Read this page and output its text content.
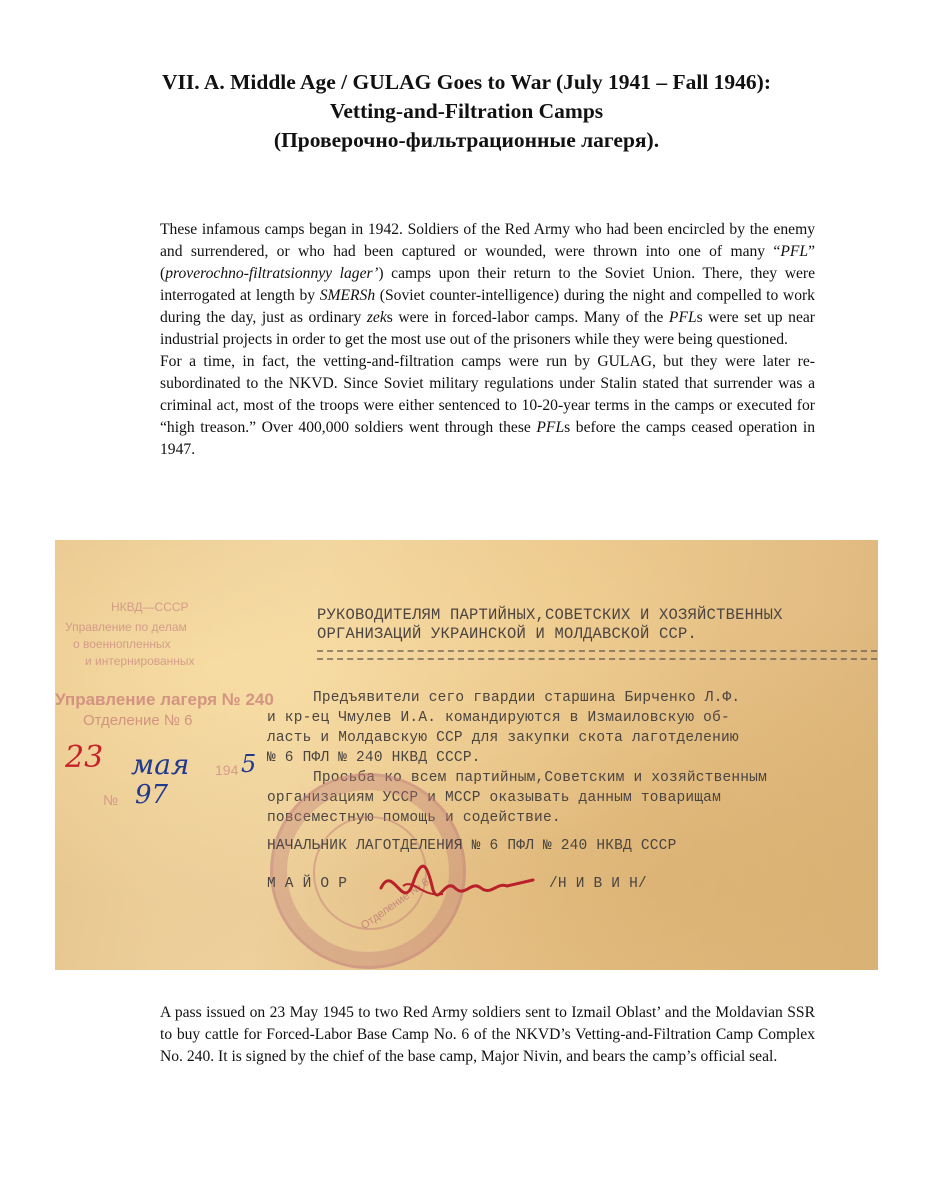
VII. A. Middle Age / GULAG Goes to War (July 1941 – Fall 1946):
Vetting-and-Filtration Camps
(Проверочно-фильтрационные лагеря).

These infamous camps began in 1942. Soldiers of the Red Army who had been encircled by the enemy and surrendered, or who had been captured or wounded, were thrown into one of many “PFL” (proverochno-filtratsionnyy lager’) camps upon their return to the Soviet Union. There, they were interrogated at length by SMERSh (Soviet counter-intelligence) during the night and compelled to work during the day, just as ordinary zeks were in forced-labor camps. Many of the PFLs were set up near industrial projects in order to get the most use out of the prisoners while they were being questioned.

For a time, in fact, the vetting-and-filtration camps were run by GULAG, but they were later re-subordinated to the NKVD. Since Soviet military regulations under Stalin stated that surrender was a criminal act, most of the troops were either sentenced to 10-20-year terms in the camps or executed for “high treason.” Over 400,000 soldiers went through these PFLs before the camps ceased operation in 1947.

НКВД—СССР
Управление по делам
о военнопленных
и интернированных
Управление лагеря № 240
Отделение № 6
23 мая 194 5
№ 97
РУКОВОДИТЕЛЯМ ПАРТИЙНЫХ,СОВЕТСКИХ И ХОЗЯЙСТВЕННЫХ
ОРГАНИЗАЦИЙ УКРАИНСКОЙ И МОЛДАВСКОЙ ССР.
Предъявители сего гвардии старшина Бирченко Л.Ф.
и кр-ец Чмулев И.А. командируются в Измаиловскую об-
ласть и Молдавскую ССР для закупки скота лаготделению
№ 6 ПФЛ № 240 НКВД СССР.
Просьба ко всем партийным,Советским и хозяйственным
организациям УССР и МССР оказывать данным товарищам
повсеместную помощь и содействие.
Отделение № 6
НАЧАЛЬНИК ЛАГОТДЕЛЕНИЯ № 6 ПФЛ № 240 НКВД СССР
М А Й О Р	/Н И В И Н/

A pass issued on 23 May 1945 to two Red Army soldiers sent to Izmail Oblast’ and the Moldavian SSR to buy cattle for Forced-Labor Base Camp No. 6 of the NKVD’s Vetting-and-Filtration Camp Complex No. 240. It is signed by the chief of the base camp, Major Nivin, and bears the camp’s official seal.
